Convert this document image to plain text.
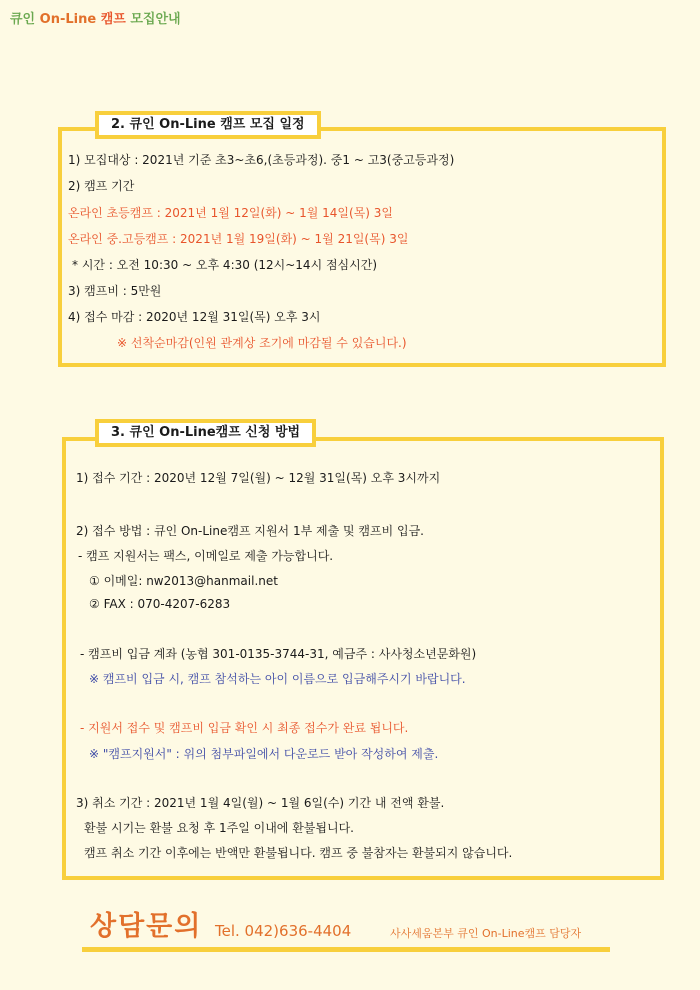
큐인 On-Line 캠프 모집안내
2. 큐인 On-Line 캠프 모집 일정
1) 모집대상 : 2021년 기준 초3~초6,(초등과정). 중1 ~ 고3(중고등과정)
2) 캠프 기간
온라인 초등캠프 : 2021년 1월 12일(화) ~ 1월 14일(목) 3일
온라인 중.고등캠프 : 2021년 1월 19일(화) ~ 1월 21일(목) 3일
* 시간 : 오전 10:30 ~ 오후 4:30 (12시~14시 점심시간)
3) 캠프비 : 5만원
4) 접수 마감 : 2020년 12월 31일(목) 오후 3시
※ 선착순마감(인원 관계상 조기에 마감될 수 있습니다.)
3. 큐인 On-Line캠프 신청 방법
1) 접수 기간 : 2020년 12월 7일(월) ~ 12월 31일(목) 오후 3시까지
2) 접수 방법 : 큐인 On-Line캠프 지원서 1부 제출 및 캠프비 입금.
- 캠프 지원서는 팩스, 이메일로 제출 가능합니다.
① 이메일: nw2013@hanmail.net
② FAX : 070-4207-6283
- 캠프비 입금 계좌 (농협 301-0135-3744-31, 예금주 : 사사청소년문화원)
※ 캠프비 입금 시, 캠프 참석하는 아이 이름으로 입금해주시기 바랍니다.
- 지원서 접수 및 캠프비 입금 확인 시 최종 접수가 완료 됩니다.
※ "캠프지원서" : 위의 첨부파일에서 다운로드 받아 작성하여 제출.
3) 취소 기간 : 2021년 1월 4일(월) ~ 1월 6일(수) 기간 내 전액 환불.
환불 시기는 환불 요청 후 1주일 이내에 환불됩니다.
캠프 취소 기간 이후에는 반액만 환불됩니다. 캠프 중 불참자는 환불되지 않습니다.
상담문의 Tel. 042)636-4404	사사세움본부 큐인 On-Line캠프 담당자
